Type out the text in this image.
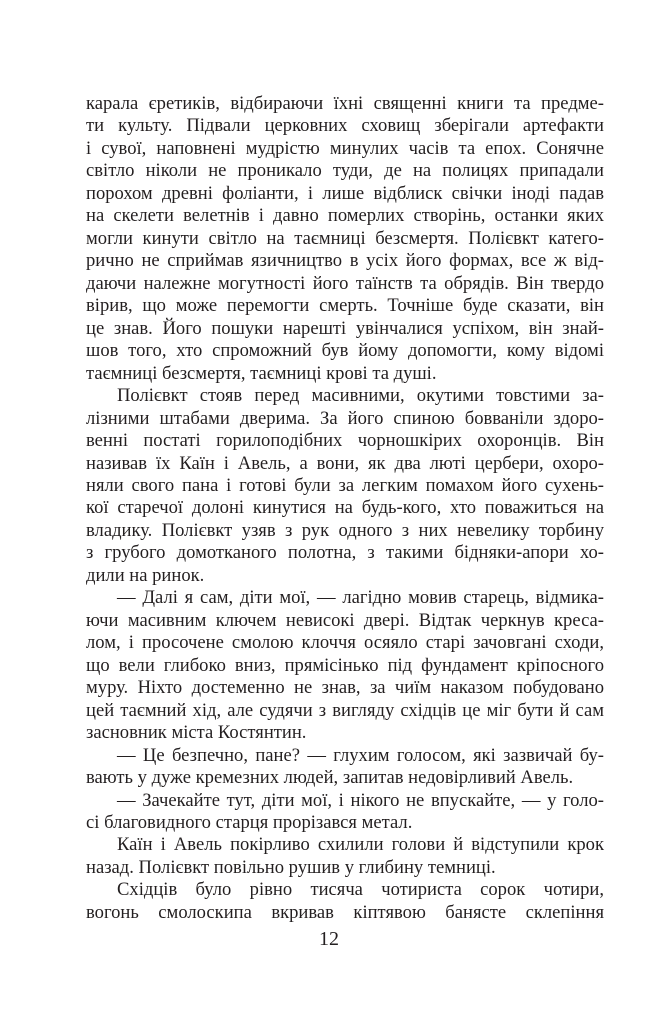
карала єретиків, відбираючи їхні священні книги та предме-
ти культу. Підвали церковних сховищ зберігали артефакти
і сувої, наповнені мудрістю минулих часів та епох. Сонячне
світло ніколи не проникало туди, де на полицях припадали
порохом древні фоліанти, і лише відблиск свічки іноді падав
на скелети велетнів і давно померлих створінь, останки яких
могли кинути світло на таємниці безсмертя. Полієвкт катего-
рично не сприймав язичництво в усіх його формах, все ж від-
даючи належне могутності його таїнств та обрядів. Він твердо
вірив, що може перемогти смерть. Точніше буде сказати, він
це знав. Його пошуки нарешті увінчалися успіхом, він знай-
шов того, хто спроможний був йому допомогти, кому відомі
таємниці безсмертя, таємниці крові та душі.
Полієвкт стояв перед масивними, окутими товстими за-
лізними штабами дверима. За його спиною бовваніли здоро-
венні постаті горилоподібних чорношкірих охоронців. Він
називав їх Каїн і Авель, а вони, як два люті цербери, охоро-
няли свого пана і готові були за легким помахом його сухень-
кої старечої долоні кинутися на будь-кого, хто поважиться на
владику. Полієвкт узяв з рук одного з них невелику торбину
з грубого домотканого полотна, з такими бідняки-апори хо-
дили на ринок.
— Далі я сам, діти мої, — лагідно мовив старець, відмика-
ючи масивним ключем невисокі двері. Відтак черкнув креса-
лом, і просочене смолою клоччя осяяло старі зачовгані сходи,
що вели глибоко вниз, прямісінько під фундамент кріпосного
муру. Ніхто достеменно не знав, за чиїм наказом побудовано
цей таємний хід, але судячи з вигляду східців це міг бути й сам
засновник міста Костянтин.
— Це безпечно, пане? — глухим голосом, які зазвичай бу-
вають у дуже кремезних людей, запитав недовірливий Авель.
— Зачекайте тут, діти мої, і нікого не впускайте, — у голо-
сі благовидного старця прорізався метал.
Каїн і Авель покірливо схилили голови й відступили крок
назад. Полієвкт повільно рушив у глибину темниці.
Східців було рівно тисяча чотириста сорок чотири,
вогонь смолоскипа вкривав кіптявою банясте склепіння
12
